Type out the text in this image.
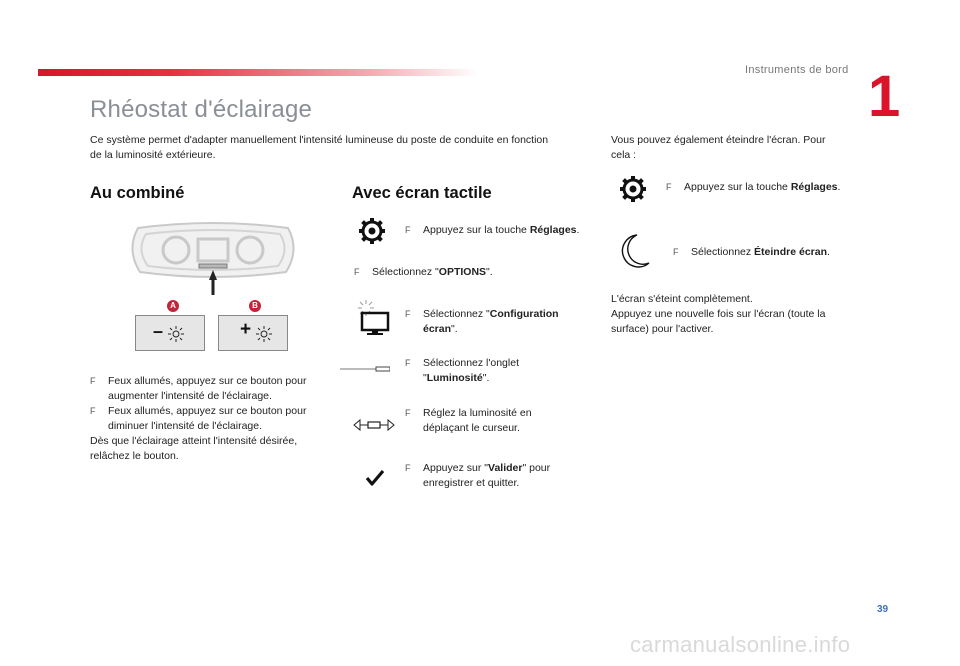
Instruments de bord 1
Rhéostat d'éclairage
Ce système permet d'adapter manuellement l'intensité lumineuse du poste de conduite en fonction
de la luminosité extérieure.
Au combiné
A	B
–	+
F Feux allumés, appuyez sur ce bouton pour
augmenter l'intensité de l'éclairage.
F Feux allumés, appuyez sur ce bouton pour
diminuer l'intensité de l'éclairage.
Dès que l'éclairage atteint l'intensité désirée,
relâchez le bouton.
Avec écran tactile
F Appuyez sur la touche Réglages.
F Sélectionnez "OPTIONS".
F Sélectionnez "Configuration
écran".
F Sélectionnez l'onglet
"Luminosité".
F Réglez la luminosité en
déplaçant le curseur.
F Appuyez sur "Valider" pour
enregistrer et quitter.
Vous pouvez également éteindre l'écran. Pour
cela :
F Appuyez sur la touche Réglages.
F Sélectionnez Éteindre écran.
L'écran s'éteint complètement.
Appuyez une nouvelle fois sur l'écran (toute la
surface) pour l'activer.
39
carmanualsonline.info
